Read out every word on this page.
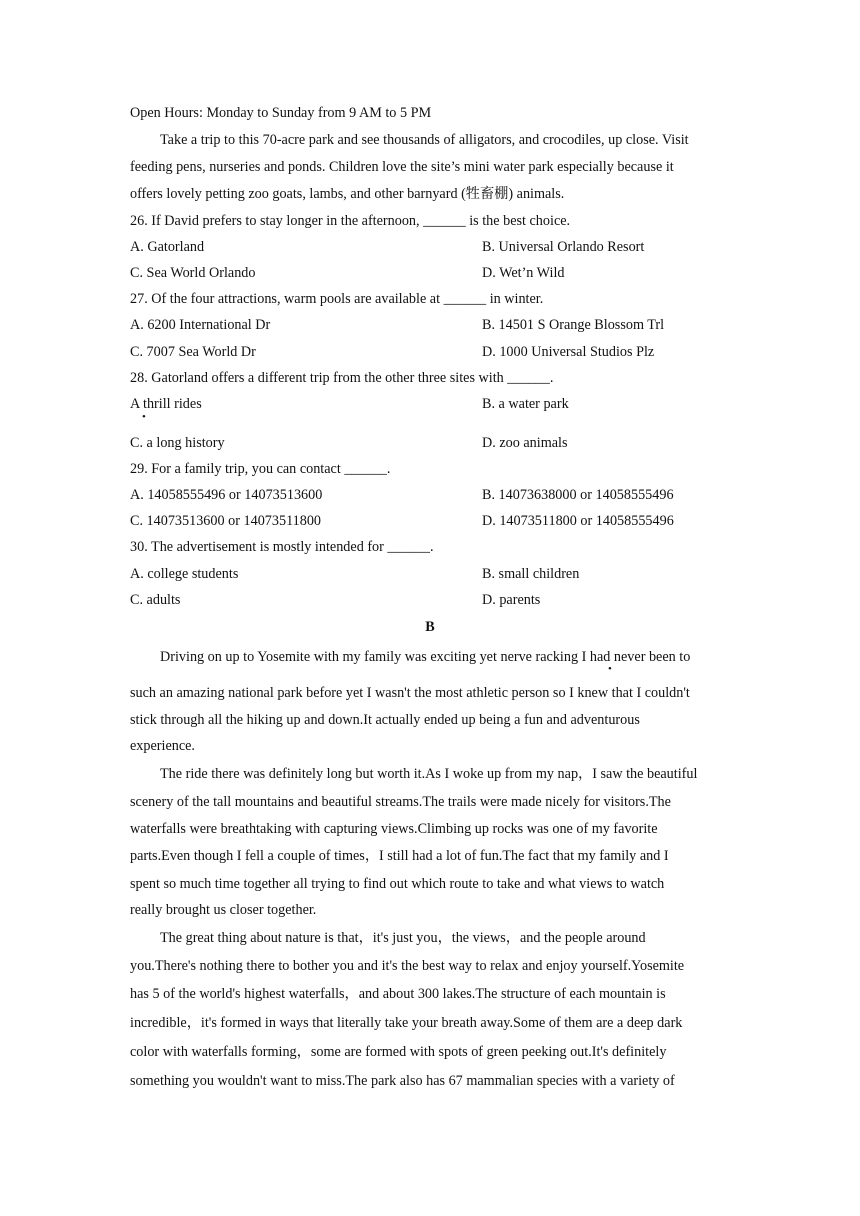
Open Hours: Monday to Sunday from 9 AM to 5 PM
Take a trip to this 70-acre park and see thousands of alligators, and crocodiles, up close. Visit
feeding pens, nurseries and ponds. Children love the site’s mini water park especially because it
offers lovely petting zoo goats, lambs, and other barnyard (牲畜棚) animals.
26. If David prefers to stay longer in the afternoon, ______ is the best choice.
A. Gatorland	B. Universal Orlando Resort
C. Sea World Orlando	D. Wet’n Wild
27. Of the four attractions, warm pools are available at ______ in winter.
A. 6200 International Dr	B. 14501 S Orange Blossom Trl
C. 7007 Sea World Dr	D. 1000 Universal Studios Plz
28. Gatorland offers a different trip from the other three sites with ______.
A thrill rides
•
B. a water park
C. a long history	D. zoo animals
29. For a family trip, you can contact ______.
A. 14058555496 or 14073513600	B. 14073638000 or 14058555496
C. 14073513600 or 14073511800	D. 14073511800 or 14058555496
30. The advertisement is mostly intended for ______.
A. college students	B. small children
C. adults	D. parents
B
Driving on up to Yosemite with my family was exciting yet nerve racking I had never been to
•
such an amazing national park before yet I wasn't the most athletic person so I knew that I couldn't
stick through all the hiking up and down.It actually ended up being a fun and adventurous
experience.
The ride there was definitely long but worth it.As I woke up from my nap，I saw the beautiful
scenery of the tall mountains and beautiful streams.The trails were made nicely for visitors.The
waterfalls were breathtaking with capturing views.Climbing up rocks was one of my favorite
parts.Even though I fell a couple of times，I still had a lot of fun.The fact that my family and I
spent so much time together all trying to find out which route to take and what views to watch
really brought us closer together.
The great thing about nature is that，it's just you，the views，and the people around
you.There's nothing there to bother you and it's the best way to relax and enjoy yourself.Yosemite
has 5 of the world's highest waterfalls，and about 300 lakes.The structure of each mountain is
incredible，it's formed in ways that literally take your breath away.Some of them are a deep dark
color with waterfalls forming，some are formed with spots of green peeking out.It's definitely
something you wouldn't want to miss.The park also has 67 mammalian species with a variety of
